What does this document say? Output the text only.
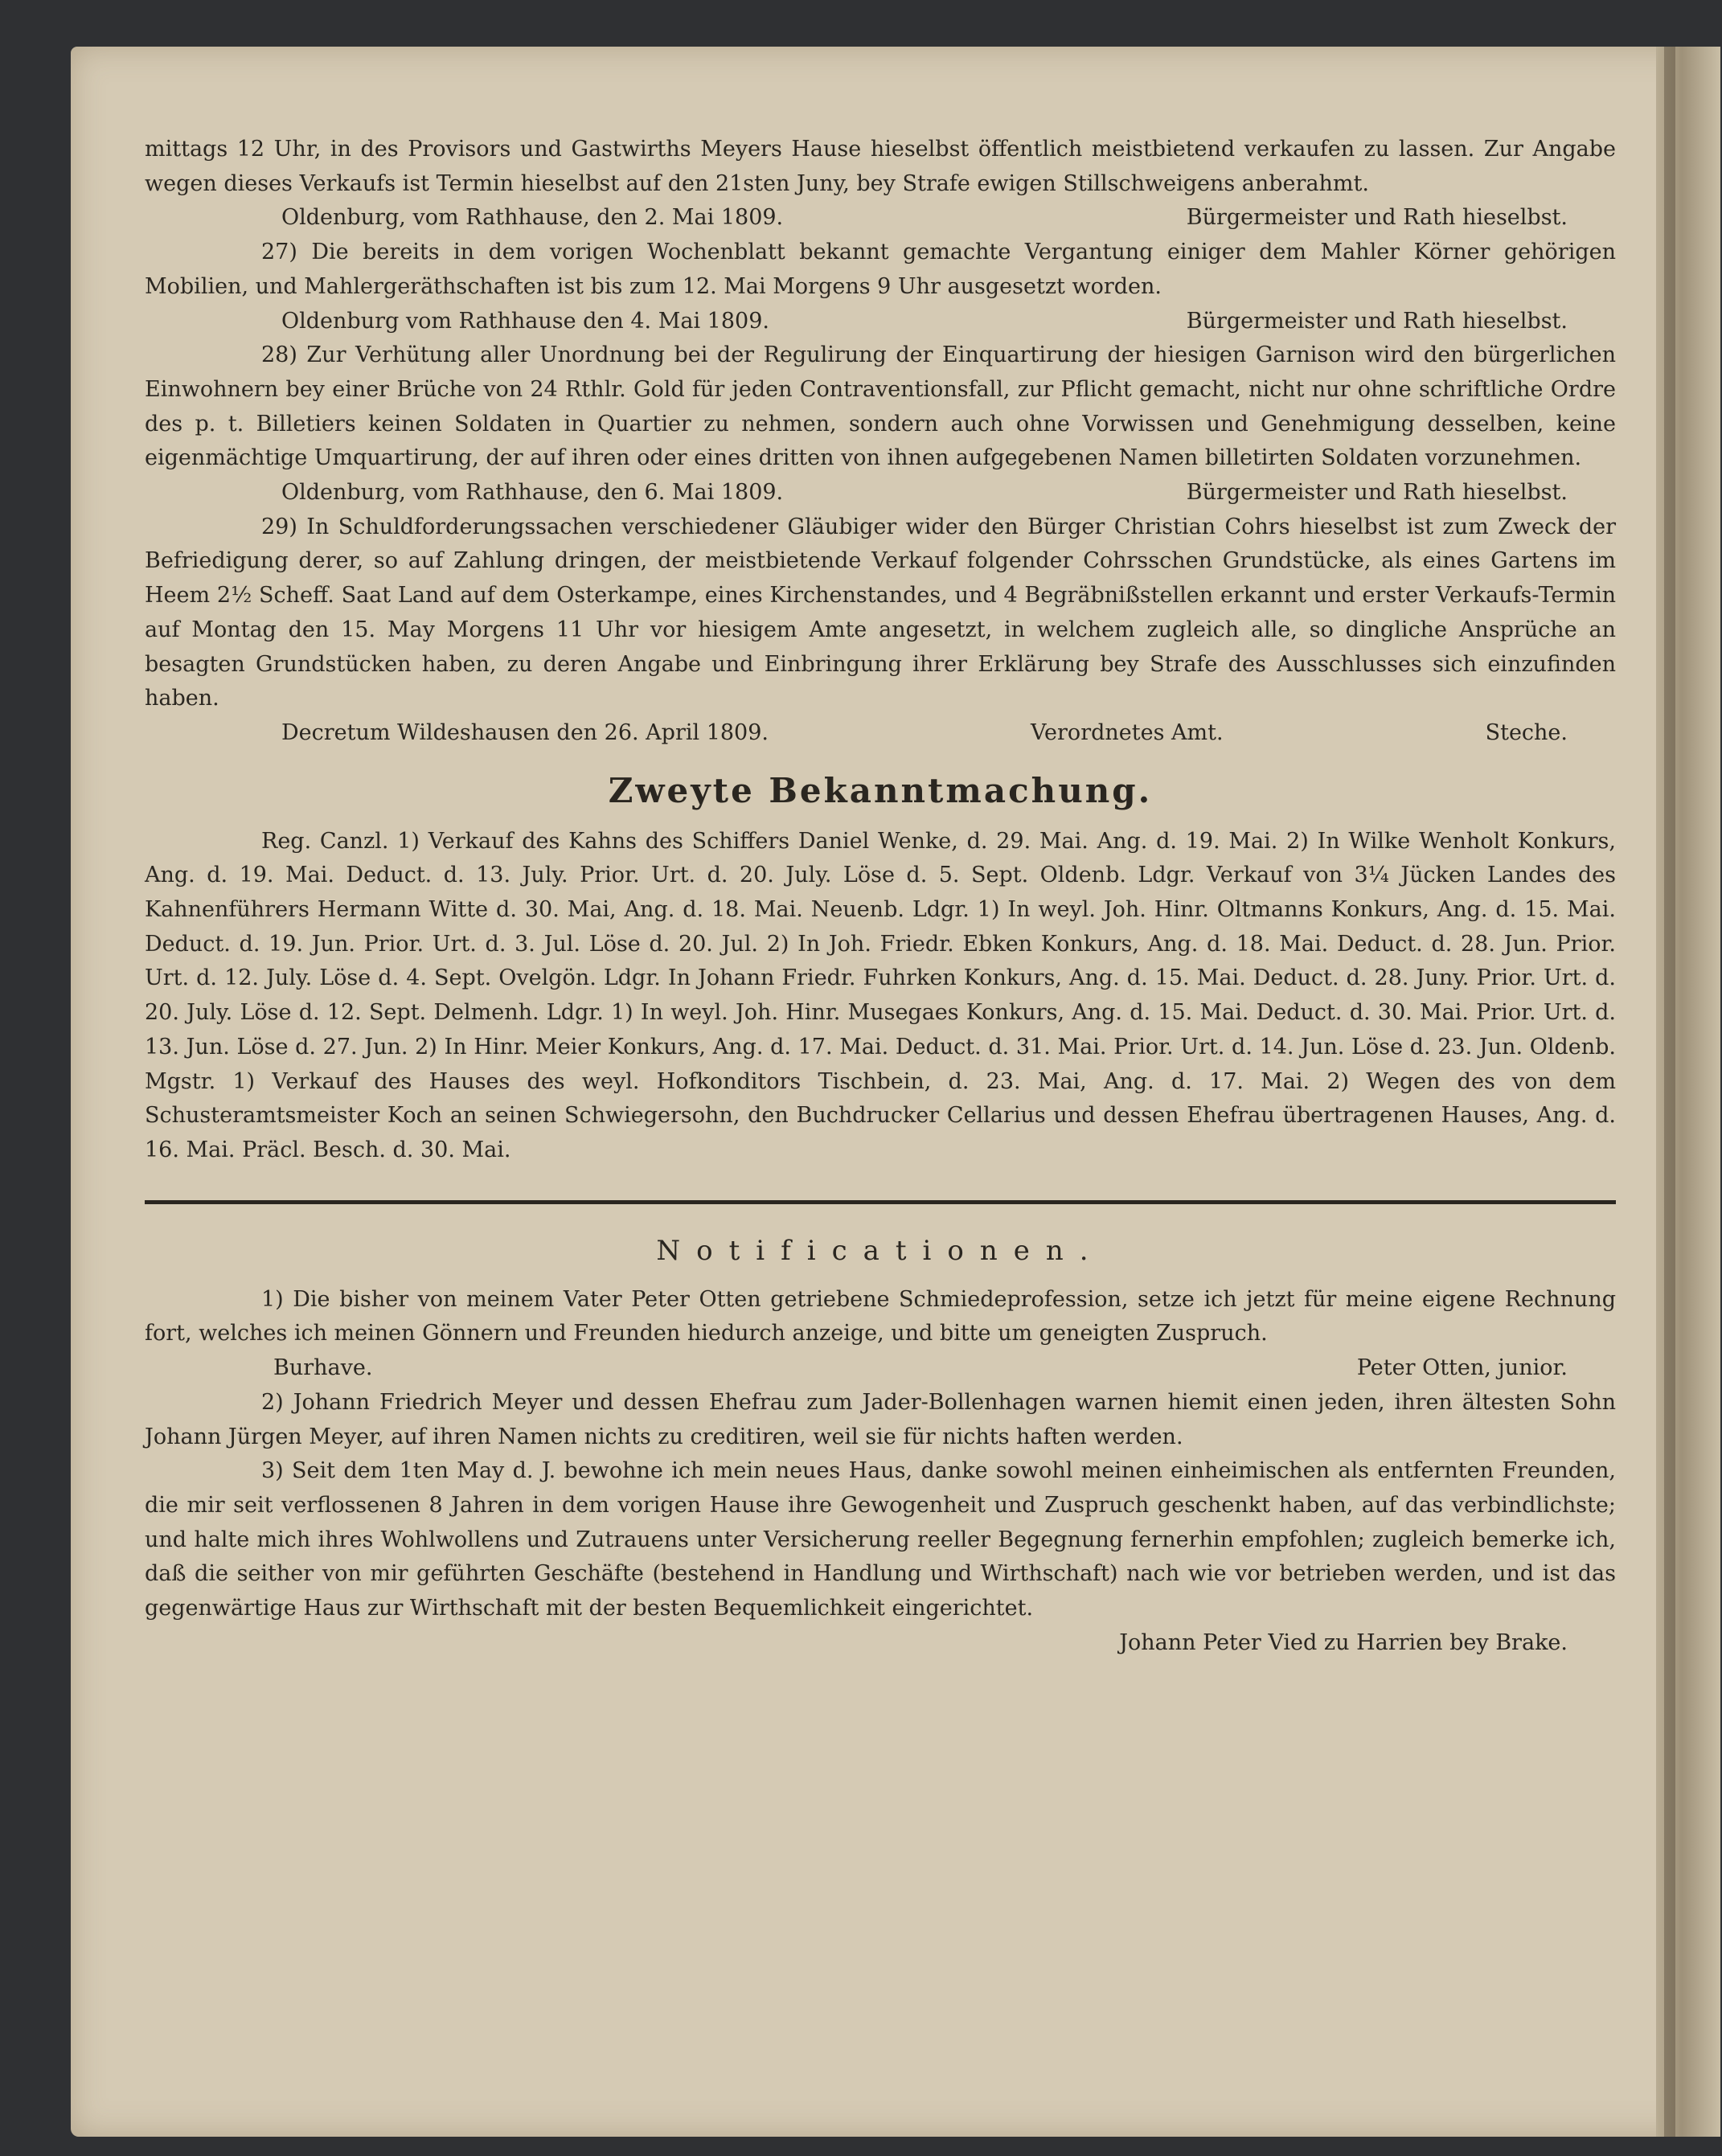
mittags 12 Uhr, in des Provisors und Gastwirths Meyers Hause hieselbst öffentlich meistbietend verkaufen zu lassen. Zur Angabe wegen dieses Verkaufs ist Termin hieselbst auf den 21sten Juny, bey Strafe ewigen Stillschweigens anberahmt.

Oldenburg, vom Rathhause, den 2. Mai 1809.	Bürgermeister und Rath hieselbst.

27) Die bereits in dem vorigen Wochenblatt bekannt gemachte Vergantung einiger dem Mahler Körner gehörigen Mobilien, und Mahlergeräthschaften ist bis zum 12. Mai Morgens 9 Uhr ausgesetzt worden.

Oldenburg vom Rathhause den 4. Mai 1809.	Bürgermeister und Rath hieselbst.

28) Zur Verhütung aller Unordnung bei der Regulirung der Einquartirung der hiesigen Garnison wird den bürgerlichen Einwohnern bey einer Brüche von 24 Rthlr. Gold für jeden Contraventionsfall, zur Pflicht gemacht, nicht nur ohne schriftliche Ordre des p. t. Billetiers keinen Soldaten in Quartier zu nehmen, sondern auch ohne Vorwissen und Genehmigung desselben, keine eigenmächtige Umquartirung, der auf ihren oder eines dritten von ihnen aufgegebenen Namen billetirten Soldaten vorzunehmen.

Oldenburg, vom Rathhause, den 6. Mai 1809.	Bürgermeister und Rath hieselbst.

29) In Schuldforderungssachen verschiedener Gläubiger wider den Bürger Christian Cohrs hieselbst ist zum Zweck der Befriedigung derer, so auf Zahlung dringen, der meistbietende Verkauf folgender Cohrsschen Grundstücke, als eines Gartens im Heem 2½ Scheff. Saat Land auf dem Osterkampe, eines Kirchenstandes, und 4 Begräbnißstellen erkannt und erster Verkaufs-Termin auf Montag den 15. May Morgens 11 Uhr vor hiesigem Amte angesetzt, in welchem zugleich alle, so dingliche Ansprüche an besagten Grundstücken haben, zu deren Angabe und Einbringung ihrer Erklärung bey Strafe des Ausschlusses sich einzufinden haben.

Decretum Wildeshausen den 26. April 1809.	Verordnetes Amt.	Steche.
Zweyte Bekanntmachung.

Reg. Canzl. 1) Verkauf des Kahns des Schiffers Daniel Wenke, d. 29. Mai. Ang. d. 19. Mai. 2) In Wilke Wenholt Konkurs, Ang. d. 19. Mai. Deduct. d. 13. July. Prior. Urt. d. 20. July. Löse d. 5. Sept. Oldenb. Ldgr. Verkauf von 3¼ Jücken Landes des Kahnenführers Hermann Witte d. 30. Mai, Ang. d. 18. Mai. Neuenb. Ldgr. 1) In weyl. Joh. Hinr. Oltmanns Konkurs, Ang. d. 15. Mai. Deduct. d. 19. Jun. Prior. Urt. d. 3. Jul. Löse d. 20. Jul. 2) In Joh. Friedr. Ebken Konkurs, Ang. d. 18. Mai. Deduct. d. 28. Jun. Prior. Urt. d. 12. July. Löse d. 4. Sept. Ovelgön. Ldgr. In Johann Friedr. Fuhrken Konkurs, Ang. d. 15. Mai. Deduct. d. 28. Juny. Prior. Urt. d. 20. July. Löse d. 12. Sept. Delmenh. Ldgr. 1) In weyl. Joh. Hinr. Musegaes Konkurs, Ang. d. 15. Mai. Deduct. d. 30. Mai. Prior. Urt. d. 13. Jun. Löse d. 27. Jun. 2) In Hinr. Meier Konkurs, Ang. d. 17. Mai. Deduct. d. 31. Mai. Prior. Urt. d. 14. Jun. Löse d. 23. Jun. Oldenb. Mgstr. 1) Verkauf des Hauses des weyl. Hofkonditors Tischbein, d. 23. Mai, Ang. d. 17. Mai. 2) Wegen des von dem Schusteramtsmeister Koch an seinen Schwiegersohn, den Buchdrucker Cellarius und dessen Ehefrau übertragenen Hauses, Ang. d. 16. Mai. Präcl. Besch. d. 30. Mai.

Notificationen.

1) Die bisher von meinem Vater Peter Otten getriebene Schmiedeprofession, setze ich jetzt für meine eigene Rechnung fort, welches ich meinen Gönnern und Freunden hiedurch anzeige, und bitte um geneigten Zuspruch.

Burhave.	Peter Otten, junior.

2) Johann Friedrich Meyer und dessen Ehefrau zum Jader-Bollenhagen warnen hiemit einen jeden, ihren ältesten Sohn Johann Jürgen Meyer, auf ihren Namen nichts zu creditiren, weil sie für nichts haften werden.

3) Seit dem 1ten May d. J. bewohne ich mein neues Haus, danke sowohl meinen einheimischen als entfernten Freunden, die mir seit verflossenen 8 Jahren in dem vorigen Hause ihre Gewogenheit und Zuspruch geschenkt haben, auf das verbindlichste; und halte mich ihres Wohlwollens und Zutrauens unter Versicherung reeller Begegnung fernerhin empfohlen; zugleich bemerke ich, daß die seither von mir geführten Geschäfte (bestehend in Handlung und Wirthschaft) nach wie vor betrieben werden, und ist das gegenwärtige Haus zur Wirthschaft mit der besten Bequemlichkeit eingerichtet.

Johann Peter Vied zu Harrien bey Brake.
